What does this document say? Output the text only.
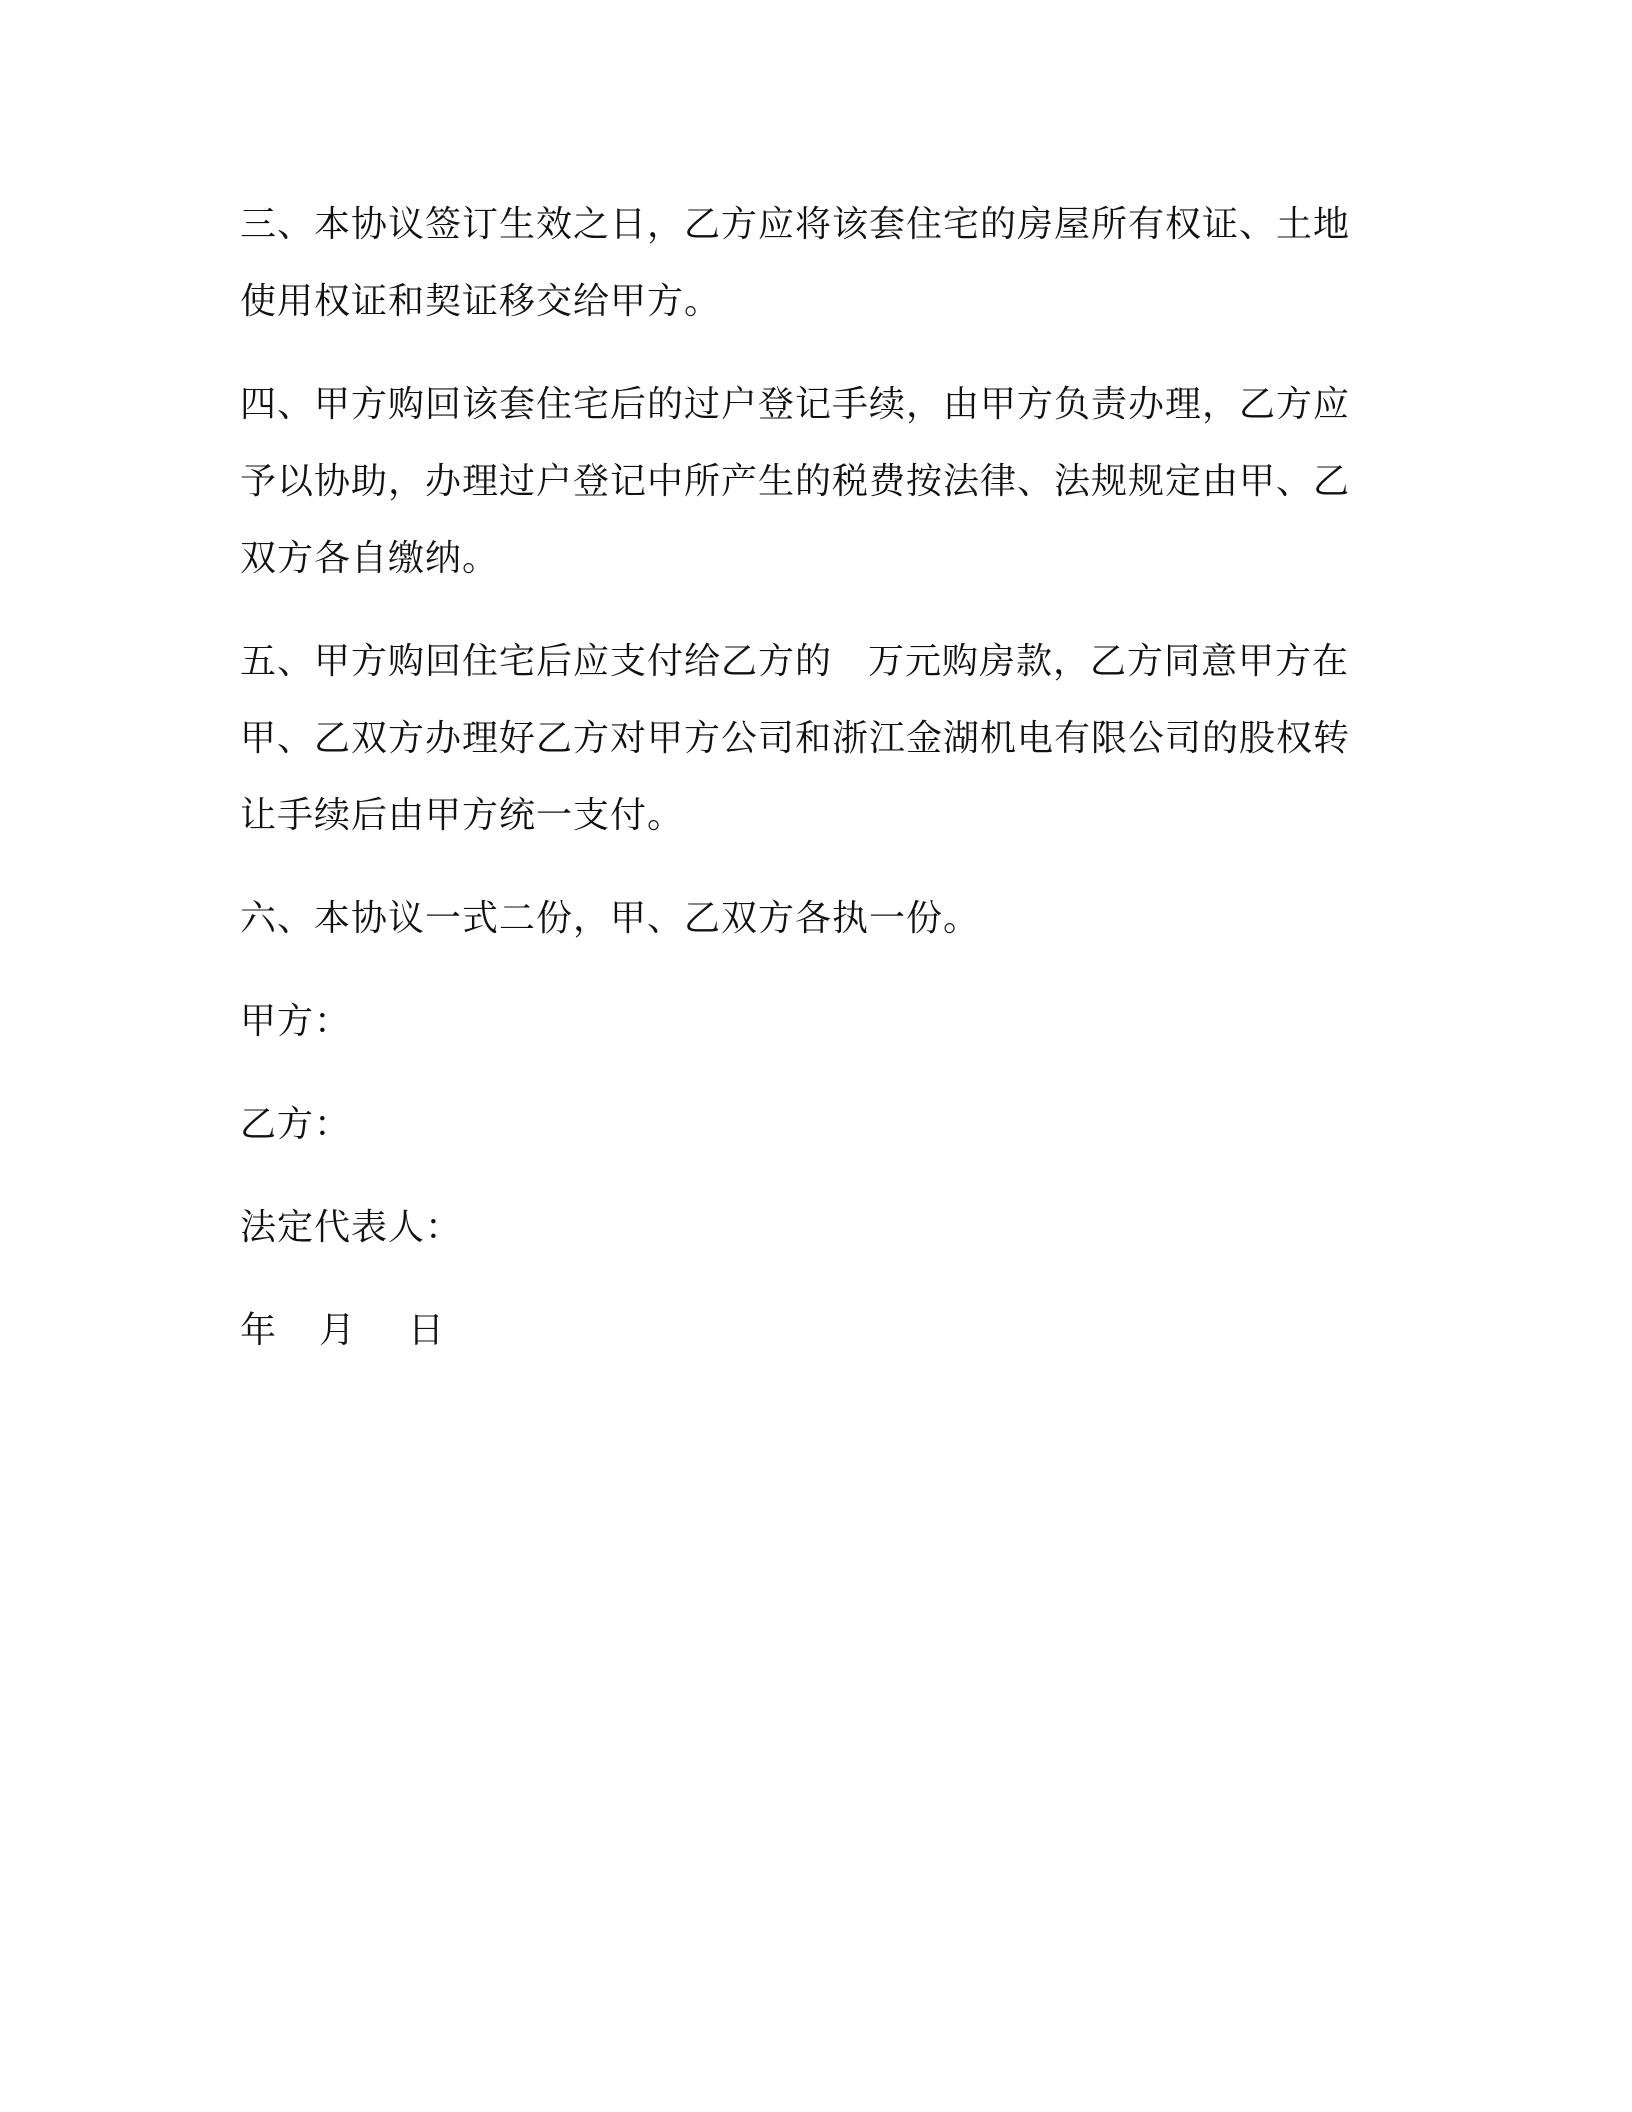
三、本协议签订生效之日，乙方应将该套住宅的房屋所有权证、土地使用权证和契证移交给甲方。

四、甲方购回该套住宅后的过户登记手续，由甲方负责办理，乙方应予以协助，办理过户登记中所产生的税费按法律、法规规定由甲、乙双方各自缴纳。

五、甲方购回住宅后应支付给乙方的 万元购房款，乙方同意甲方在甲、乙双方办理好乙方对甲方公司和浙江金湖机电有限公司的股权转让手续后由甲方统一支付。

六、本协议一式二份，甲、乙双方各执一份。

甲方：

乙方：

法定代表人：

年 月 日
